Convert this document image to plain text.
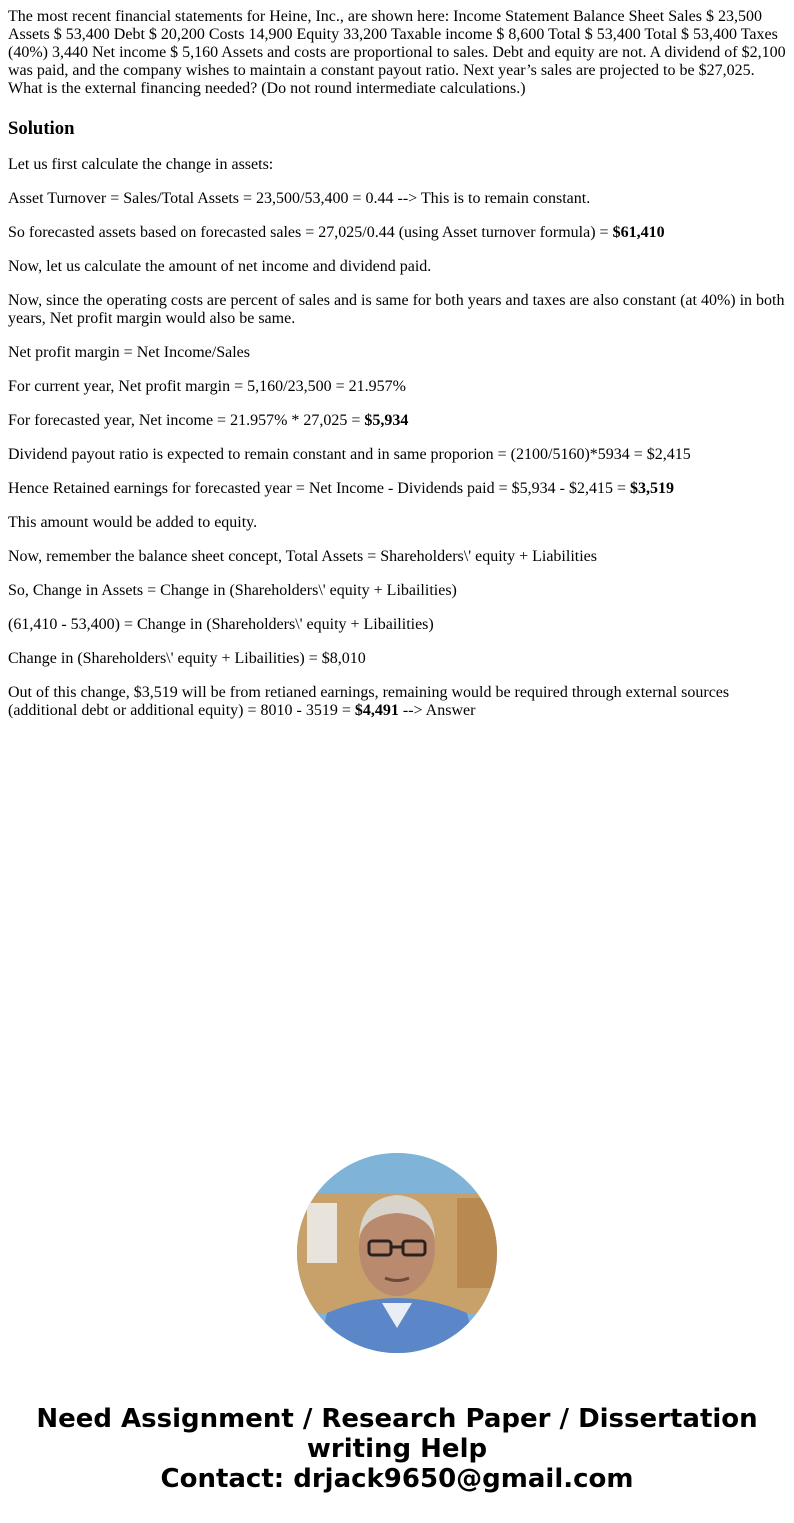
The most recent financial statements for Heine, Inc., are shown here: Income Statement Balance Sheet Sales $ 23,500 Assets $ 53,400 Debt $ 20,200 Costs 14,900 Equity 33,200 Taxable income $ 8,600 Total $ 53,400 Total $ 53,400 Taxes (40%) 3,440 Net income $ 5,160 Assets and costs are proportional to sales. Debt and equity are not. A dividend of $2,100 was paid, and the company wishes to maintain a constant payout ratio. Next year’s sales are projected to be $27,025. What is the external financing needed? (Do not round intermediate calculations.)

Solution

Let us first calculate the change in assets:

Asset Turnover = Sales/Total Assets = 23,500/53,400 = 0.44 --> This is to remain constant.

So forecasted assets based on forecasted sales = 27,025/0.44 (using Asset turnover formula) = $61,410

Now, let us calculate the amount of net income and dividend paid.

Now, since the operating costs are percent of sales and is same for both years and taxes are also constant (at 40%) in both years, Net profit margin would also be same.

Net profit margin = Net Income/Sales

For current year, Net profit margin = 5,160/23,500 = 21.957%

For forecasted year, Net income = 21.957% * 27,025 = $5,934

Dividend payout ratio is expected to remain constant and in same proporion = (2100/5160)*5934 = $2,415

Hence Retained earnings for forecasted year = Net Income - Dividends paid = $5,934 - $2,415 = $3,519

This amount would be added to equity.

Now, remember the balance sheet concept, Total Assets = Shareholders\' equity + Liabilities

So, Change in Assets = Change in (Shareholders\' equity + Libailities)

(61,410 - 53,400) = Change in (Shareholders\' equity + Libailities)

Change in (Shareholders\' equity + Libailities) = $8,010

Out of this change, $3,519 will be from retianed earnings, remaining would be required through external sources (additional debt or additional equity) = 8010 - 3519 = $4,491 --> Answer

Need Assignment / Research Paper / Dissertation
writing Help
Contact: drjack9650@gmail.com
